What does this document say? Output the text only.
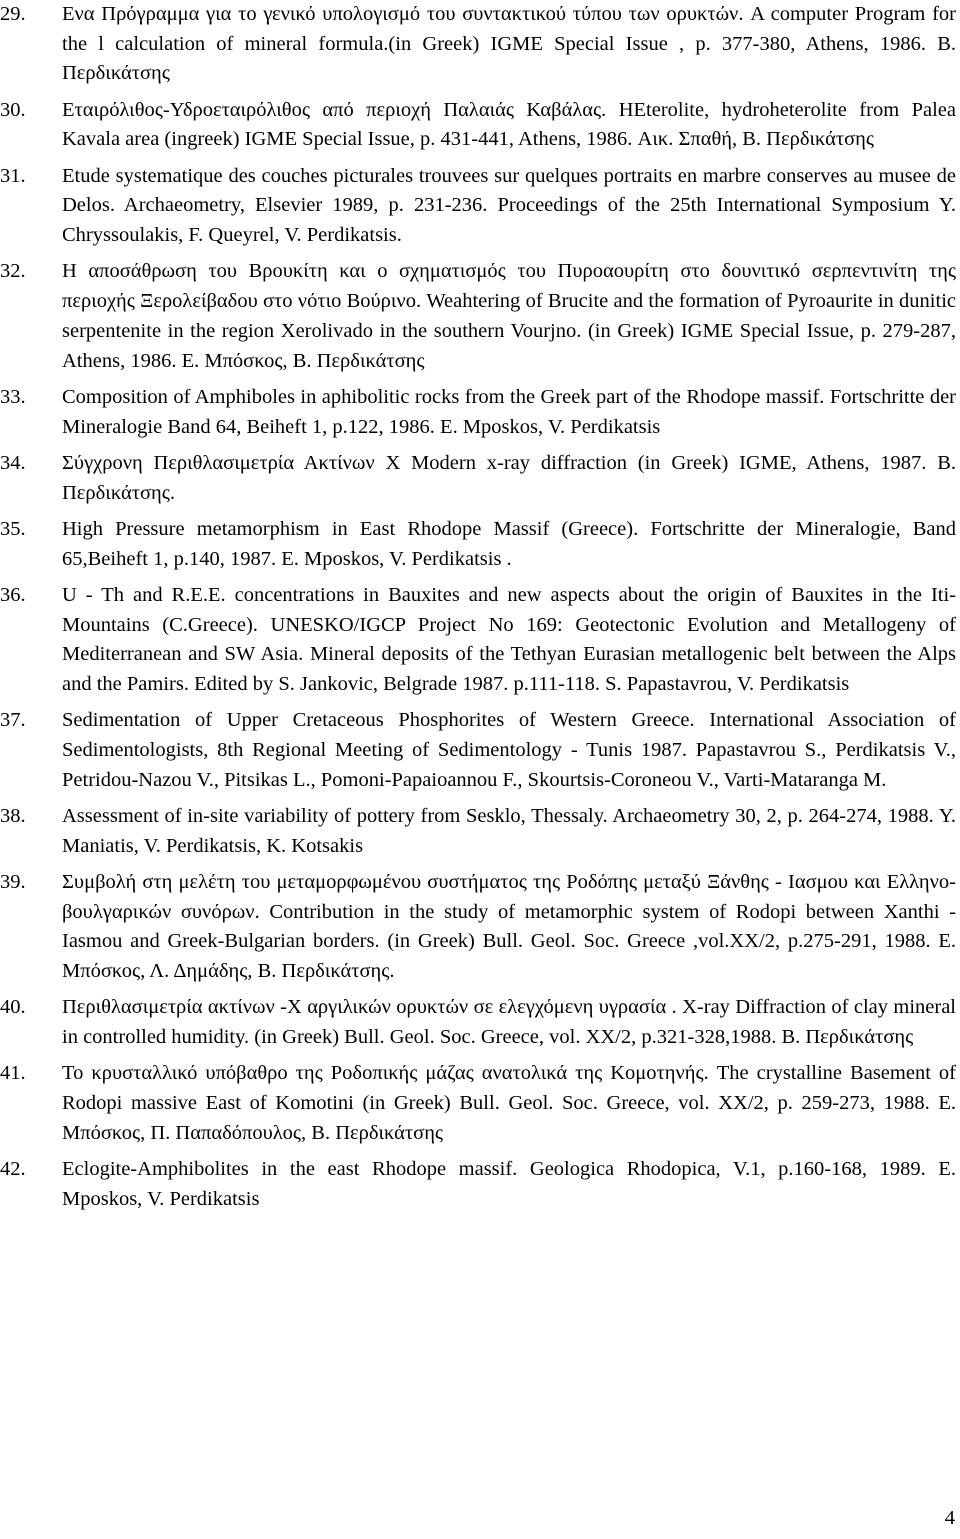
29.	Ενα Πρόγραμμα για το γενικό υπολογισμό του συντακτικού τύπου των ορυκτών. A computer Program for the l calculation of mineral formula.(in Greek) IGME Special Issue , p. 377-380, Athens, 1986. Β. Περδικάτσης
30.	Εταιρόλιθος-Υδροεταιρόλιθος από περιοχή Παλαιάς Καβάλας. HEterolite, hydroheterolite from Palea Kavala area (ingreek) IGME Special Issue, p. 431-441, Athens, 1986. Αικ. Σπαθή, Β. Περδικάτσης
31.	Etude systematique des couches picturales trouvees sur quelques portraits en marbre conserves au musee de Delos. Archaeometry, Elsevier 1989, p. 231-236. Proceedings of the 25th International Symposium Y. Chryssoulakis, F. Queyrel, V. Perdikatsis.
32.	Η αποσάθρωση του Βρουκίτη και ο σχηματισμός του Πυροαουρίτη στο δουνιτικό σερπεντινίτη της περιοχής Ξερολείβαδου στο νότιο Βούρινο. Weahtering of Brucite and the formation of Pyroaurite in dunitic serpentenite in the region Xerolivado in the southern Vourjno. (in Greek) IGME Special Issue, p. 279-287, Athens, 1986. Ε. Μπόσκος, Β. Περδικάτσης
33.	Composition of Amphiboles in aphibolitic rocks from the Greek part of the Rhodope massif. Fortschritte der Mineralogie Band 64, Beiheft 1, p.122, 1986. E. Mposkos, V. Perdikatsis
34.	Σύγχρονη Περιθλασιμετρία Ακτίνων Χ Modern x-ray diffraction (in Greek) IGME, Athens, 1987. Β. Περδικάτσης.
35.	High Pressure metamorphism in East Rhodope Massif (Greece). Fortschritte der Mineralogie, Band 65,Beiheft 1, p.140, 1987. E. Mposkos, V. Perdikatsis .
36.	U - Th and R.E.E. concentrations in Bauxites and new aspects about the origin of Bauxites in the Iti-Mountains (C.Greece). UNESKO/IGCP Project No 169: Geotectonic Evolution and Metallogeny of Mediterranean and SW Asia. Mineral deposits of the Tethyan Eurasian metallogenic belt between the Alps and the Pamirs. Edited by S. Jankovic, Belgrade 1987. p.111-118. S. Papastavrou, V. Perdikatsis
37.	Sedimentation of Upper Cretaceous Phosphorites of Western Greece. International Association of Sedimentologists, 8th Regional Meeting of Sedimentology - Tunis 1987. Papastavrou S., Perdikatsis V., Petridou-Nazou V., Pitsikas L., Pomoni-Papaioannou F., Skourtsis-Coroneou V., Varti-Mataranga M.
38.	Assessment of in-site variability of pottery from Sesklo, Thessaly. Archaeometry 30, 2, p. 264-274, 1988. Y. Maniatis, V. Perdikatsis, K. Kotsakis
39.	Συμβολή στη μελέτη του μεταμορφωμένου συστήματος της Ροδόπης μεταξύ Ξάνθης - Ιασμου και Ελληνο-βουλγαρικών συνόρων. Contribution in the study of metamorphic system of Rodopi between Xanthi - Iasmou and Greek-Bulgarian borders. (in Greek) Bull. Geol. Soc. Greece ,vol.XX/2, p.275-291, 1988. Ε. Μπόσκος, Λ. Δημάδης, Β. Περδικάτσης.
40.	Περιθλασιμετρία ακτίνων -Χ αργιλικών ορυκτών σε ελεγχόμενη υγρασία . X-ray Diffraction of clay mineral in controlled humidity. (in Greek) Bull. Geol. Soc. Greece, vol. XX/2, p.321-328,1988. Β. Περδικάτσης
41.	Το κρυσταλλικό υπόβαθρο της Ροδοπικής μάζας ανατολικά της Κομοτηνής. The crystalline Basement of Rodopi massive East of Komotini (in Greek) Bull. Geol. Soc. Greece, vol. XX/2, p. 259-273, 1988. Ε. Μπόσκος, Π. Παπαδόπουλος, Β. Περδικάτσης
42.	Eclogite-Amphibolites in the east Rhodope massif. Geologica Rhodopica, V.1, p.160-168, 1989. E. Mposkos, V. Perdikatsis
4
